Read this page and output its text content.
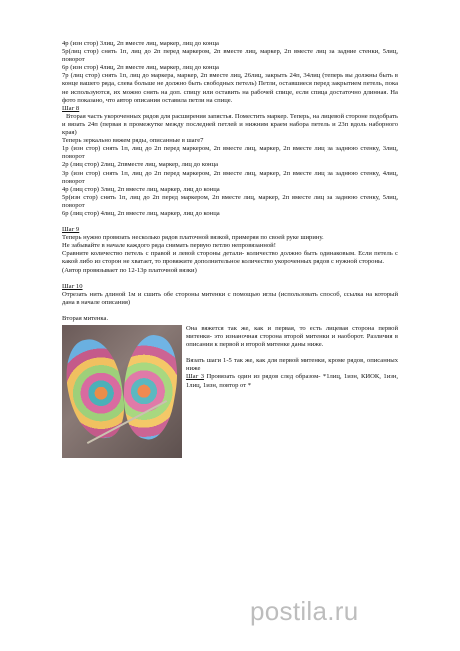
4р (изн стор) 3лиц, 2п вместе лиц, маркер, лиц до конца

5р(лиц стор) снять 1п, лиц до 2п перед маркером, 2п вместе лиц, маркер, 2п вместе лиц за задние стенки, 5лиц, поворот

6р (изн стор) 4лиц, 2п вместе лиц, маркер, лиц до конца

7р (лиц стор) снять 1п, лиц до маркера, маркер, 2п вместе лиц, 26лиц, закрыть 24п, 34лиц (теперь вы должны быть в конце вашего ряда, слева больше не должно быть свободных петель) Петли, оставшиеся перед закрытием петель, пока не используются, их можно снять на доп. спицу или оставить на рабочей спице, если спица достаточно длинная. На фото показано, что автор описания оставила петли на спице.

Шаг 8

Вторая часть укороченных рядов для расширения запястья. Поместить маркер. Теперь, на лицевой стороне подобрать и вязать 24п (первая в промежутке между последней петлей и нижним краем набора петель и 23п вдоль наборного края)

Теперь зеркально вяжем ряды, описанные в шаге7

1р (изн стор) снять 1п, лиц до 2п перед маркером, 2п вместе лиц, маркер, 2п вместе лиц за заднюю стенку, 3лиц, поворот

2р (лиц стор) 2лиц, 2пвместе лиц, маркер, лиц до конца

3р (изн стор) снять 1п, лиц до 2п перед маркером, 2п вместе лиц, маркер, 2п вместе лиц за заднюю стенку, 4лиц, поворот

4р (лиц стор) 3лиц, 2п вместе лиц, маркер, лиц до конца

5р(изн стор) снять 1п, лиц до 2п перед маркером, 2п вместе лиц, маркер, 2п вместе лиц за заднюю стенку, 5лиц, поворот

6р (лиц стор) 4лиц, 2п вместе лиц, маркер, лиц до конца

Шаг 9

Теперь нужно провязать несколько рядов платочной вязкой, примеряя по своей руке ширину.

Не забывайте в начале каждого ряда снимать первую петлю непровязанной!

Сравните количество петель с правой и левой стороны детали- количество должно быть одинаковым. Если петель с какой либо из сторон не хватает, то провяжите дополнительное количество укороченных рядов с нужной стороны.

(Автор провязывает по 12-13р платочной вязки)

Шаг 10

Отрезать нить длиной 1м и сшить обе стороны митенки с помощью иглы (использовать способ, ссылка на который дана в начале описания)

Вторая митенка.

Она вяжется так же, как и первая, то есть лицевая сторона первой митенки- это изнаночная сторона второй митенки и наоборот. Различия в описании к первой и второй митенке даны ниже.

Вязать шаги 1-5 так же, как для первой митенки, кроме рядов, описанных ниже

Шаг 3 Провязать один из рядов след образом- *1лиц, 1изн, КИОК, 1изн, 1лиц, 1изн, повтор от *

postila.ru
